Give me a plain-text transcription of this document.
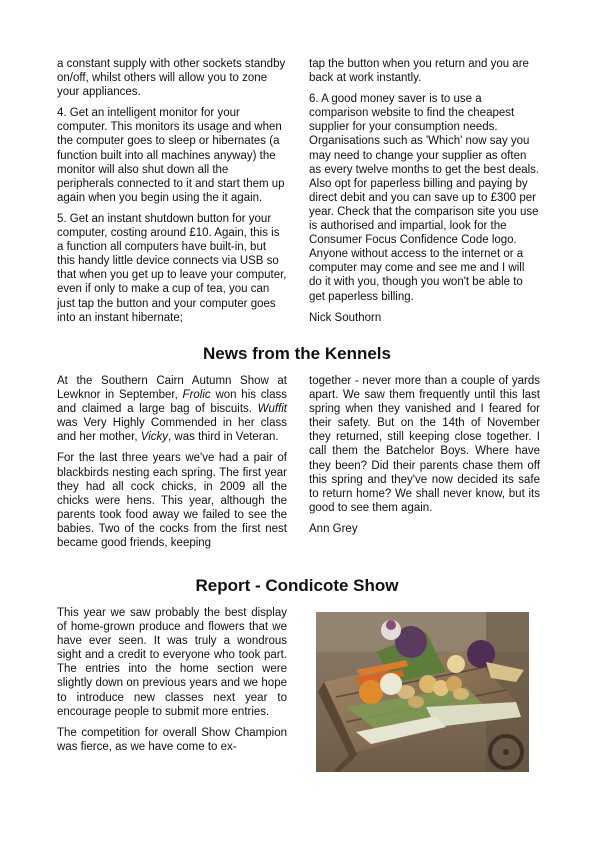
a constant supply with other sockets standby on/off, whilst others will allow you to zone your appliances.

4. Get an intelligent monitor for your computer. This monitors its usage and when the computer goes to sleep or hibernates (a function built into all machines anyway) the monitor will also shut down all the peripherals connected to it and start them up again when you begin using the it again.

5. Get an instant shutdown button for your computer, costing around £10. Again, this is a function all computers have built-in, but this handy little device connects via USB so that when you get up to leave your computer, even if only to make a cup of tea, you can just tap the button and your computer goes into an instant hibernate;

tap the button when you return and you are back at work instantly.

6. A good money saver is to use a comparison website to find the cheapest supplier for your consumption needs. Organisations such as 'Which' now say you may need to change your supplier as often as every twelve months to get the best deals. Also opt for paperless billing and paying by direct debit and you can save up to £300 per year. Check that the comparison site you use is authorised and impartial, look for the Consumer Focus Confidence Code logo. Anyone without access to the internet or a computer may come and see me and I will do it with you, though you won't be able to get paperless billing.

Nick Southorn

News from the Kennels

At the Southern Cairn Autumn Show at Lewknor in September, Frolic won his class and claimed a large bag of biscuits. Wuffit was Very Highly Commended in her class and her mother, Vicky, was third in Veteran.

For the last three years we've had a pair of blackbirds nesting each spring. The first year they had all cock chicks, in 2009 all the chicks were hens. This year, although the parents took food away we failed to see the babies. Two of the cocks from the first nest became good friends, keeping

together - never more than a couple of yards apart. We saw them frequently until this last spring when they vanished and I feared for their safety. But on the 14th of November they returned, still keeping close together. I call them the Batchelor Boys. Where have they been? Did their parents chase them off this spring and they've now decided its safe to return home? We shall never know, but its good to see them again.

Ann Grey

Report - Condicote Show

This year we saw probably the best display of home-grown produce and flowers that we have ever seen. It was truly a wondrous sight and a credit to everyone who took part. The entries into the home section were slightly down on previous years and we hope to introduce new classes next year to encourage people to submit more entries.

The competition for overall Show Champion was fierce, as we have come to ex-
